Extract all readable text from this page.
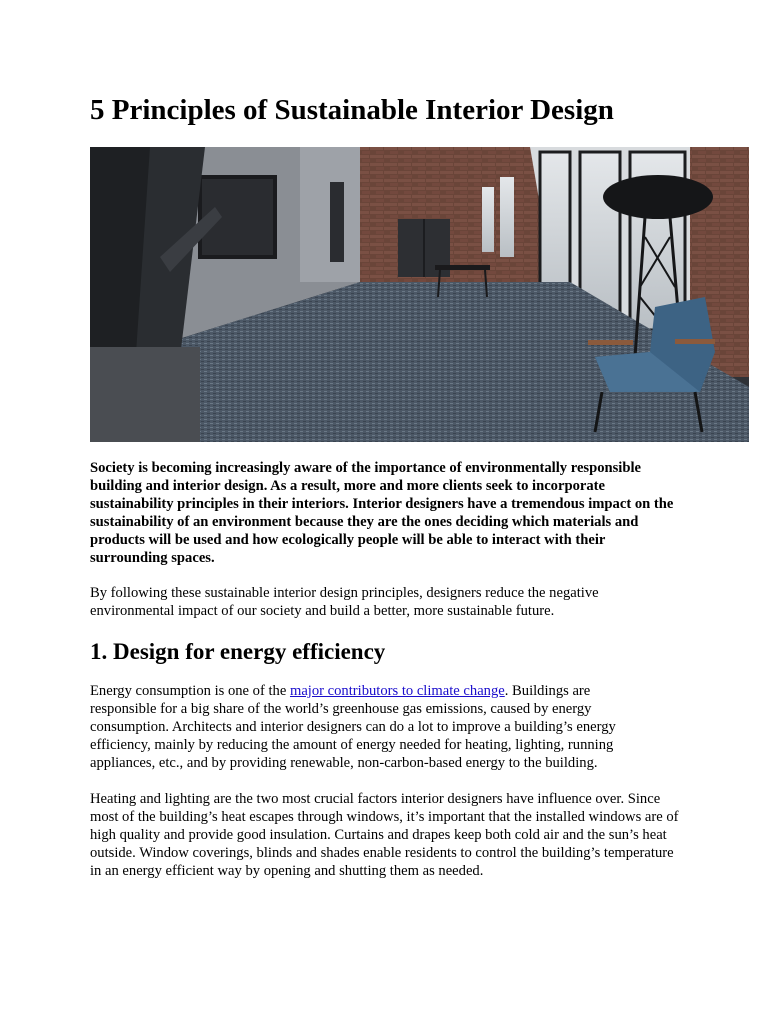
5 Principles of Sustainable Interior Design

Society is becoming increasingly aware of the importance of environmentally responsible building and interior design. As a result, more and more clients seek to incorporate sustainability principles in their interiors. Interior designers have a tremendous impact on the sustainability of an environment because they are the ones deciding which materials and products will be used and how ecologically people will be able to interact with their surrounding spaces.

By following these sustainable interior design principles, designers reduce the negative environmental impact of our society and build a better, more sustainable future.

1. Design for energy efficiency

Energy consumption is one of the major contributors to climate change. Buildings are responsible for a big share of the world’s greenhouse gas emissions, caused by energy consumption. Architects and interior designers can do a lot to improve a building’s energy efficiency, mainly by reducing the amount of energy needed for heating, lighting, running appliances, etc., and by providing renewable, non-carbon-based energy to the building.

Heating and lighting are the two most crucial factors interior designers have influence over. Since most of the building’s heat escapes through windows, it’s important that the installed windows are of high quality and provide good insulation. Curtains and drapes keep both cold air and the sun’s heat outside. Window coverings, blinds and shades enable residents to control the building’s temperature in an energy efficient way by opening and shutting them as needed.
